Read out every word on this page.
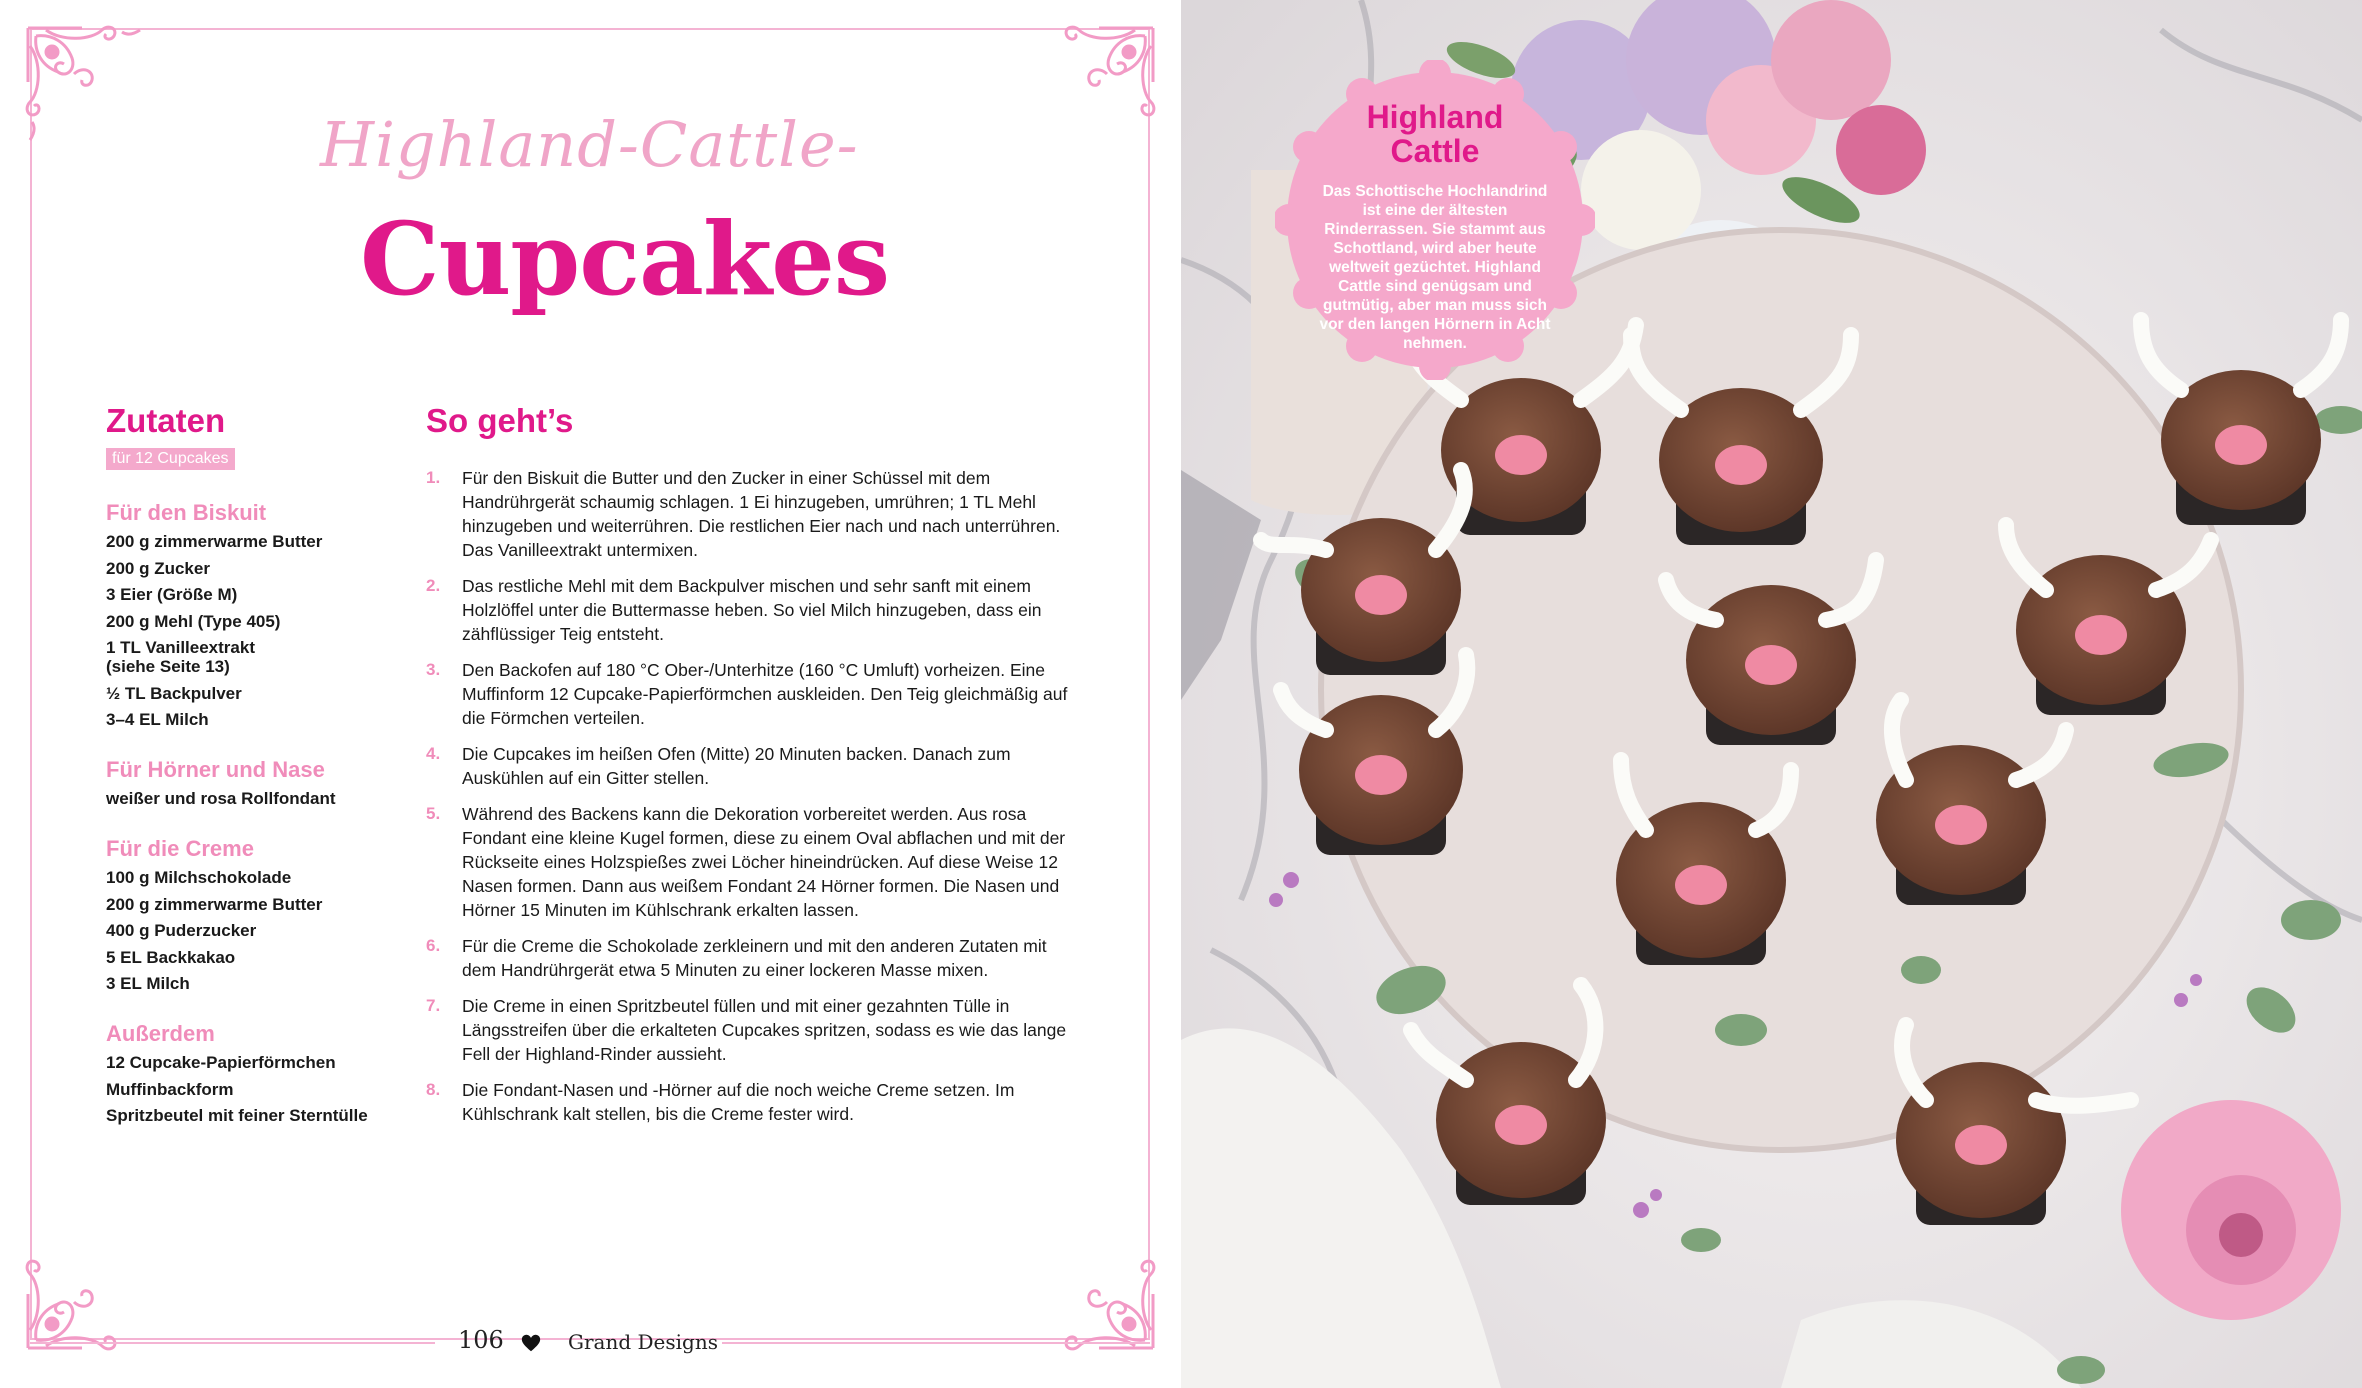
Highland-Cattle-
Cupcakes
Zutaten
für 12 Cupcakes
Für den Biskuit
200 g zimmerwarme Butter
200 g Zucker
3 Eier (Größe M)
200 g Mehl (Type 405)
1 TL Vanilleextrakt
(siehe Seite 13)
½ TL Backpulver
3–4 EL Milch
Für Hörner und Nase
weißer und rosa Rollfondant
Für die Creme
100 g Milchschokolade
200 g zimmerwarme Butter
400 g Puderzucker
5 EL Backkakao
3 EL Milch
Außerdem
12 Cupcake-Papierförmchen
Muffinbackform
Spritzbeutel mit feiner Sterntülle
So geht’s
1. Für den Biskuit die Butter und den Zucker in einer Schüssel mit dem Handrührgerät schaumig schlagen. 1 Ei hinzugeben, umrühren; 1 TL Mehl hinzugeben und weiterrühren. Die restlichen Eier nach und nach unterrühren. Das Vanilleextrakt untermixen.
2. Das restliche Mehl mit dem Backpulver mischen und sehr sanft mit einem Holzlöffel unter die Buttermasse heben. So viel Milch hinzugeben, dass ein zähflüssiger Teig entsteht.
3. Den Backofen auf 180 °C Ober-/Unterhitze (160 °C Umluft) vorheizen. Eine Muffinform 12 Cupcake-Papierförmchen auskleiden. Den Teig gleichmäßig auf die Förmchen verteilen.
4. Die Cupcakes im heißen Ofen (Mitte) 20 Minuten backen. Danach zum Auskühlen auf ein Gitter stellen.
5. Während des Backens kann die Dekoration vorbereitet werden. Aus rosa Fondant eine kleine Kugel formen, diese zu einem Oval abflachen und mit der Rückseite eines Holzspießes zwei Löcher hineindrücken. Auf diese Weise 12 Nasen formen. Dann aus weißem Fondant 24 Hörner formen. Die Nasen und Hörner 15 Minuten im Kühlschrank erkalten lassen.
6. Für die Creme die Schokolade zerkleinern und mit den anderen Zutaten mit dem Handrührgerät etwa 5 Minuten zu einer lockeren Masse mixen.
7. Die Creme in einen Spritzbeutel füllen und mit einer gezahnten Tülle in Längsstreifen über die erkalteten Cupcakes spritzen, sodass es wie das lange Fell der Highland-Rinder aussieht.
8. Die Fondant-Nasen und -Hörner auf die noch weiche Creme setzen. Im Kühlschrank kalt stellen, bis die Creme fester wird.
106	Grand Designs
Highland
Cattle
Das Schottische Hochlandrind ist eine der ältesten Rinderrassen. Sie stammt aus Schottland, wird aber heute weltweit gezüchtet. Highland Cattle sind genügsam und gutmütig, aber man muss sich vor den langen Hörnern in Acht nehmen.
